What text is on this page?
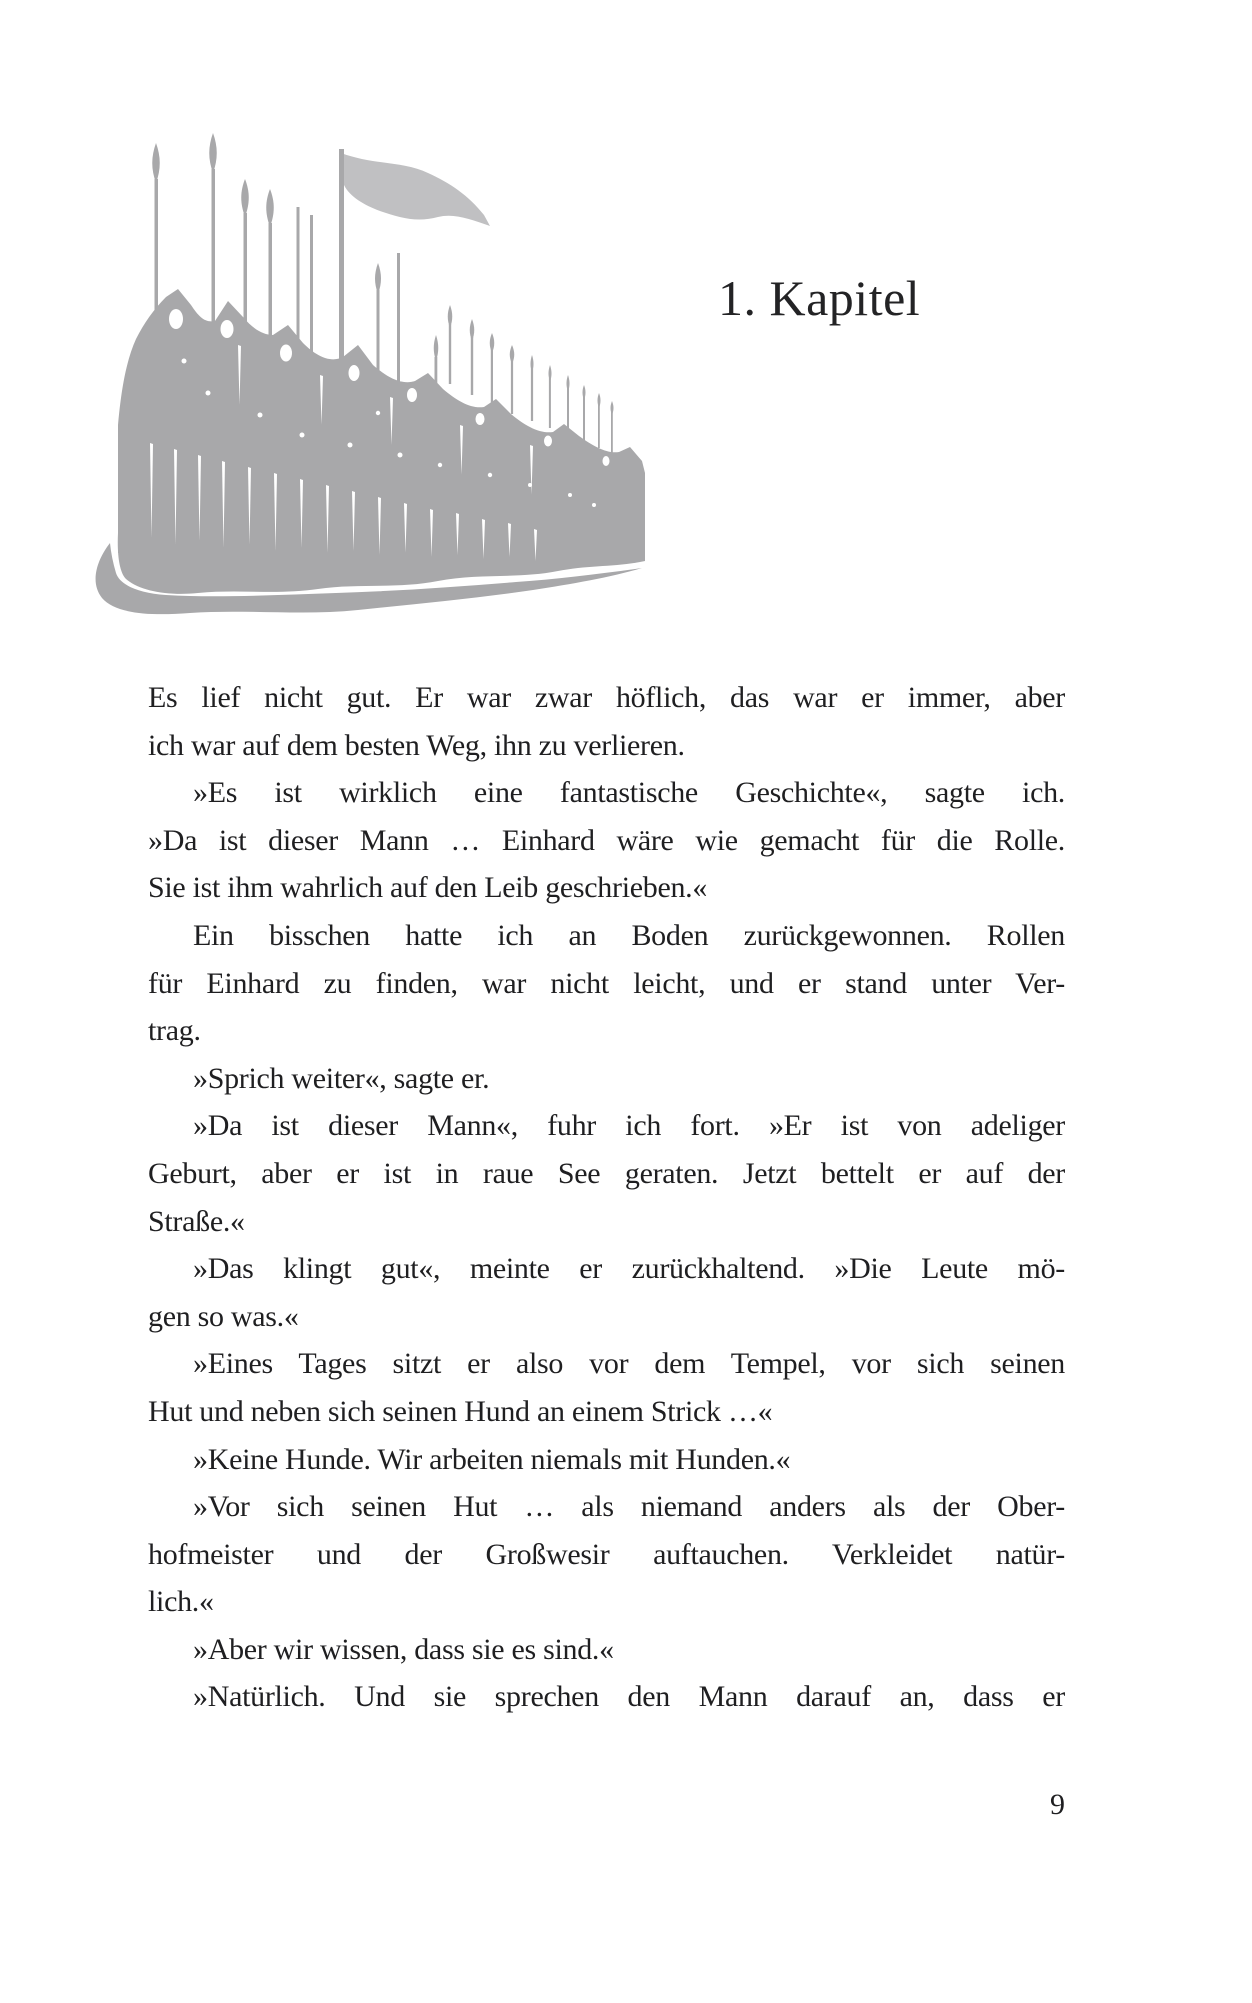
1. Kapitel
Es lief nicht gut. Er war zwar höflich, das war er immer, aber
ich war auf dem besten Weg, ihn zu verlieren.
»Es ist wirklich eine fantastische Geschichte«, sagte ich.
»Da ist dieser Mann … Einhard wäre wie gemacht für die Rolle.
Sie ist ihm wahrlich auf den Leib geschrieben.«
Ein bisschen hatte ich an Boden zurückgewonnen. Rollen
für Einhard zu finden, war nicht leicht, und er stand unter Ver-
trag.
»Sprich weiter«, sagte er.
»Da ist dieser Mann«, fuhr ich fort. »Er ist von adeliger
Geburt, aber er ist in raue See geraten. Jetzt bettelt er auf der
Straße.«
»Das klingt gut«, meinte er zurückhaltend. »Die Leute mö-
gen so was.«
»Eines Tages sitzt er also vor dem Tempel, vor sich seinen
Hut und neben sich seinen Hund an einem Strick …«
»Keine Hunde. Wir arbeiten niemals mit Hunden.«
»Vor sich seinen Hut … als niemand anders als der Ober-
hofmeister und der Großwesir auftauchen. Verkleidet natür-
lich.«
»Aber wir wissen, dass sie es sind.«
»Natürlich. Und sie sprechen den Mann darauf an, dass er
9
